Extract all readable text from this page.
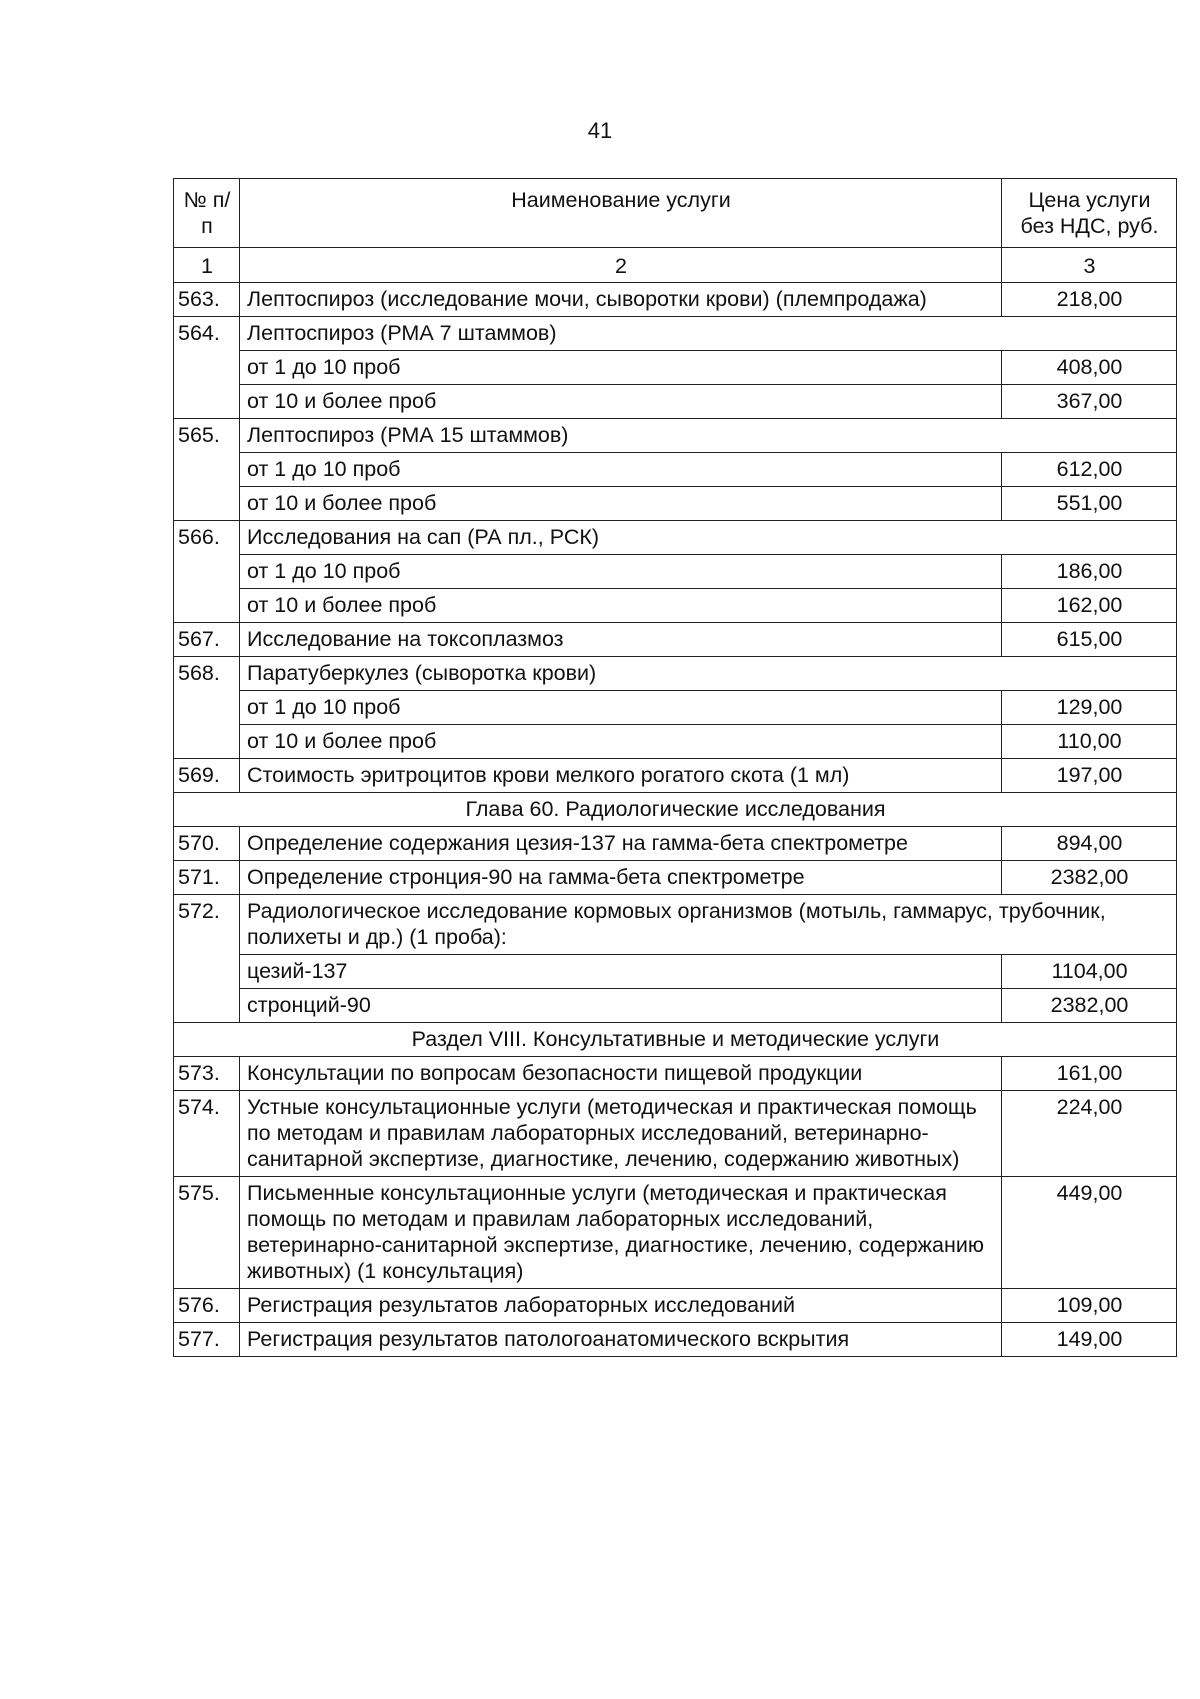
41
№ п/п	Наименование услуги	Цена услуги без НДС, руб.
1	2	3
563.	Лептоспироз (исследование мочи, сыворотки крови) (племпродажа)	218,00
564.	Лептоспироз (РМА 7 штаммов)	
	от 1 до 10 проб	408,00
	от 10 и более проб	367,00
565.	Лептоспироз (РМА 15 штаммов)	
	от 1 до 10 проб	612,00
	от 10 и более проб	551,00
566.	Исследования на сап (РА пл., РСК)	
	от 1 до 10 проб	186,00
	от 10 и более проб	162,00
567.	Исследование на токсоплазмоз	615,00
568.	Паратуберкулез (сыворотка крови)	
	от 1 до 10 проб	129,00
	от 10 и более проб	110,00
569.	Стоимость эритроцитов крови мелкого рогатого скота (1 мл)	197,00
Глава 60. Радиологические исследования		
570.	Определение содержания цезия-137 на гамма-бета спектрометре	894,00
571.	Определение стронция-90 на гамма-бета спектрометре	2382,00
572.	Радиологическое исследование кормовых организмов (мотыль, гаммарус, трубочник, полихеты и др.) (1 проба):	
	цезий-137	1104,00
	стронций-90	2382,00
Раздел VIII. Консультативные и методические услуги		
573.	Консультации по вопросам безопасности пищевой продукции	161,00
574.	Устные консультационные услуги (методическая и практическая помощь по методам и правилам лабораторных исследований, ветеринарно-санитарной экспертизе, диагностике, лечению, содержанию животных)	224,00
575.	Письменные консультационные услуги (методическая и практическая помощь по методам и правилам лабораторных исследований, ветеринарно-санитарной экспертизе, диагностике, лечению, содержанию животных) (1 консультация)	449,00
576.	Регистрация результатов лабораторных исследований	109,00
577.	Регистрация результатов патологоанатомического вскрытия	149,00
